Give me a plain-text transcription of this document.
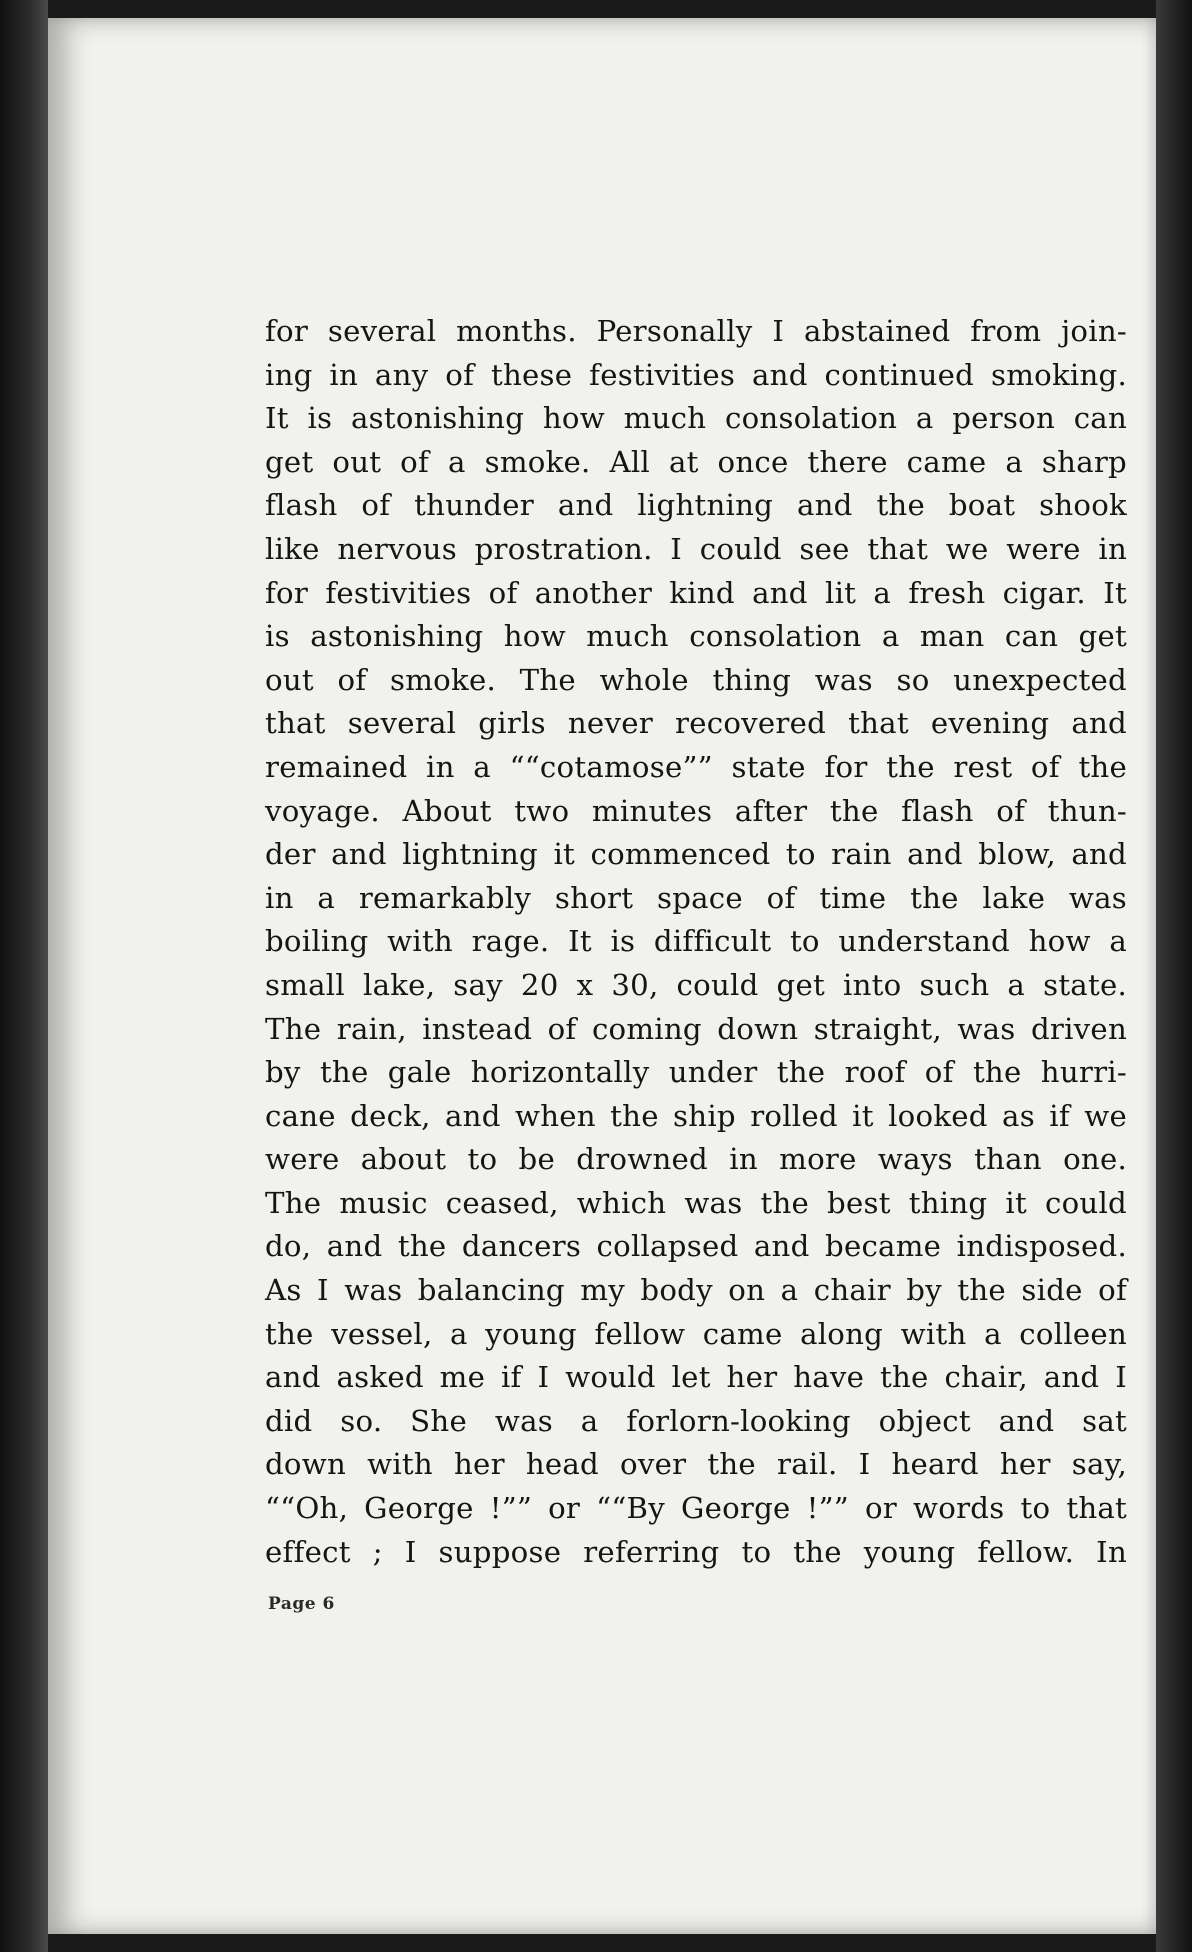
for several months. Personally I abstained from join-
ing in any of these festivities and continued smoking.
It is astonishing how much consolation a person can
get out of a smoke. All at once there came a sharp
flash of thunder and lightning and the boat shook
like nervous prostration. I could see that we were in
for festivities of another kind and lit a fresh cigar. It
is astonishing how much consolation a man can get
out of smoke. The whole thing was so unexpected
that several girls never recovered that evening and
remained in a ““cotamose”” state for the rest of the
voyage. About two minutes after the flash of thun-
der and lightning it commenced to rain and blow, and
in a remarkably short space of time the lake was
boiling with rage. It is difficult to understand how a
small lake, say 20 x 30, could get into such a state.
The rain, instead of coming down straight, was driven
by the gale horizontally under the roof of the hurri-
cane deck, and when the ship rolled it looked as if we
were about to be drowned in more ways than one.
The music ceased, which was the best thing it could
do, and the dancers collapsed and became indisposed.
As I was balancing my body on a chair by the side of
the vessel, a young fellow came along with a colleen
and asked me if I would let her have the chair, and I
did so. She was a forlorn-looking object and sat
down with her head over the rail. I heard her say,
““Oh, George !”” or ““By George !”” or words to that
effect ; I suppose referring to the young fellow. In
Page 6
